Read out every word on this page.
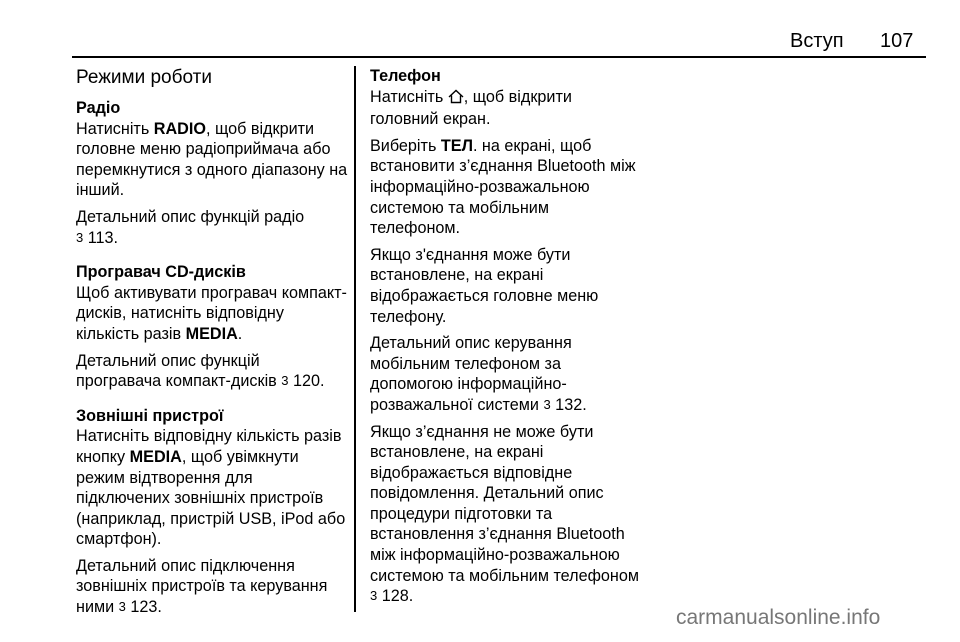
Вступ 107
Режими роботи
Радіо

Натисніть RADIO, щоб відкрити головне меню радіоприймача або перемкнутися з одного діапазону на інший.

Детальний опис функцій радіо
3 113.

Програвач CD-дисків

Щоб активувати програвач компакт-дисків, натисніть відповідну кількість разів MEDIA.

Детальний опис функцій програвача компакт-дисків 3 120.

Зовнішні пристрої

Натисніть відповідну кількість разів кнопку MEDIA, щоб увімкнути режим відтворення для підключених зовнішніх пристроїв (наприклад, пристрій USB, iPod або смартфон).

Детальний опис підключення зовнішніх пристроїв та керування ними 3 123.

Телефон

Натисніть , щоб відкрити головний екран.

Виберіть ТЕЛ. на екрані, щоб встановити з’єднання Bluetooth між інформаційно-розважальною системою та мобільним телефоном.

Якщо з'єднання може бути встановлене, на екрані відображається головне меню телефону.

Детальний опис керування мобільним телефоном за допомогою інформаційно-розважальної системи 3 132.

Якщо з’єднання не може бути встановлене, на екрані відображається відповідне повідомлення. Детальний опис процедури підготовки та встановлення з’єднання Bluetooth між інформаційно-розважальною системою та мобільним телефоном
3 128.

carmanualsonline.info
